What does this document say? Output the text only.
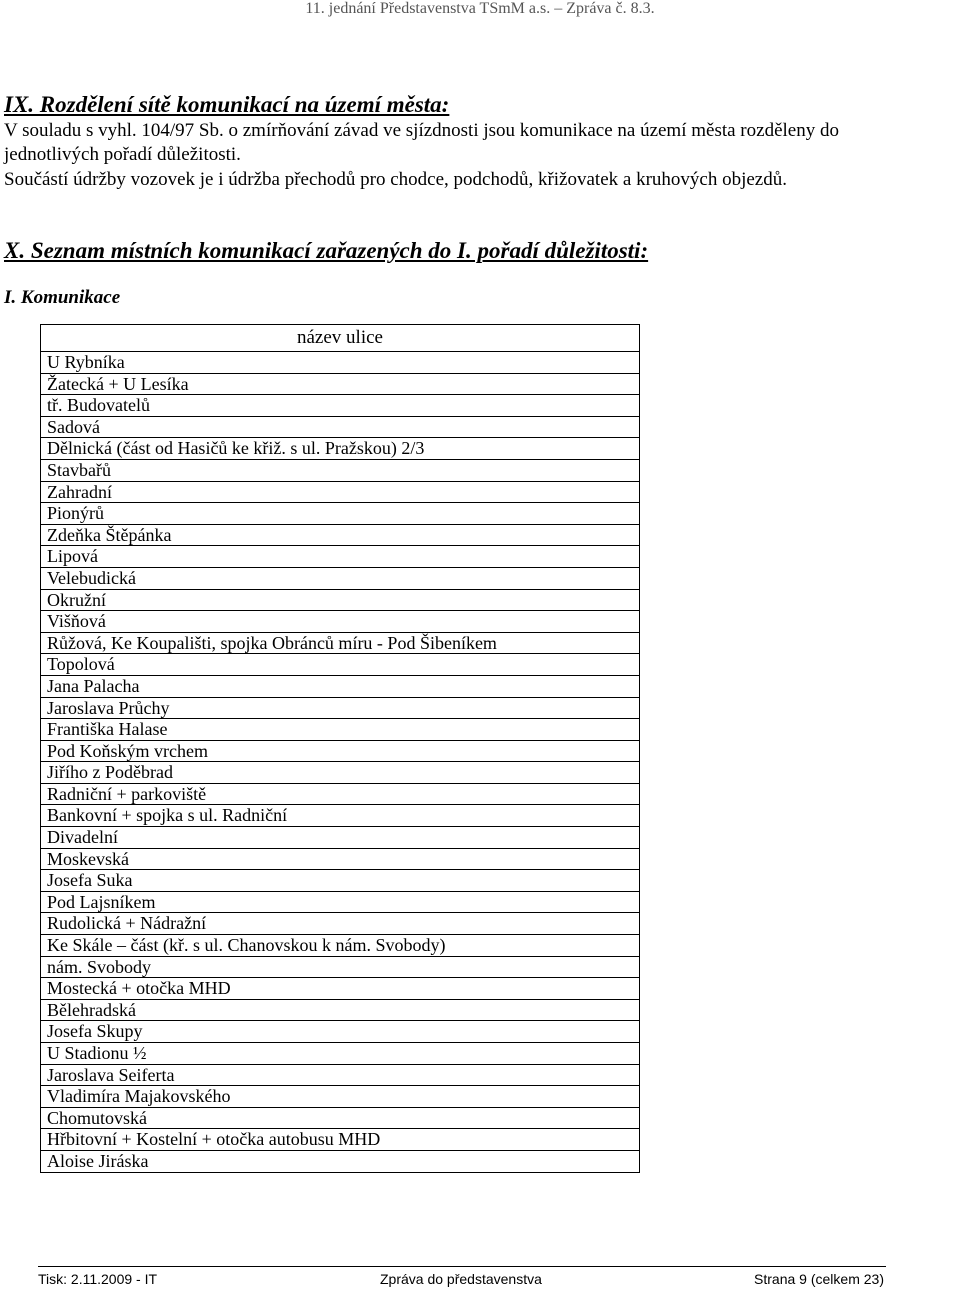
11. jednání Představenstva TSmM a.s. – Zpráva č. 8.3.
IX. Rozdělení sítě komunikací na území města:
V souladu s vyhl. 104/97 Sb. o zmírňování závad ve sjízdnosti jsou komunikace na území města rozděleny do
jednotlivých pořadí důležitosti.
Součástí údržby vozovek je i údržba přechodů pro chodce, podchodů, křižovatek a kruhových objezdů.
X. Seznam místních komunikací zařazených do I. pořadí důležitosti:
I. Komunikace
název ulice
U Rybníka
Žatecká + U Lesíka
tř. Budovatelů
Sadová
Dělnická (část od Hasičů ke křiž. s ul. Pražskou) 2/3
Stavbařů
Zahradní
Pionýrů
Zdeňka Štěpánka
Lipová
Velebudická
Okružní
Višňová
Růžová, Ke Koupališti, spojka Obránců míru - Pod Šibeníkem
Topolová
Jana Palacha
Jaroslava Průchy
Františka Halase
Pod Koňským vrchem
Jiřího z Poděbrad
Radniční + parkoviště
Bankovní + spojka s ul. Radniční
Divadelní
Moskevská
Josefa Suka
Pod Lajsníkem
Rudolická + Nádražní
Ke Skále – část (kř. s ul. Chanovskou k nám. Svobody)
nám. Svobody
Mostecká + otočka MHD
Bělehradská
Josefa Skupy
U Stadionu ½
Jaroslava Seiferta
Vladimíra Majakovského
Chomutovská
Hřbitovní + Kostelní + otočka autobusu MHD
Aloise Jiráska
Tisk: 2.11.2009 - IT	Zpráva do představenstva	Strana 9 (celkem 23)
